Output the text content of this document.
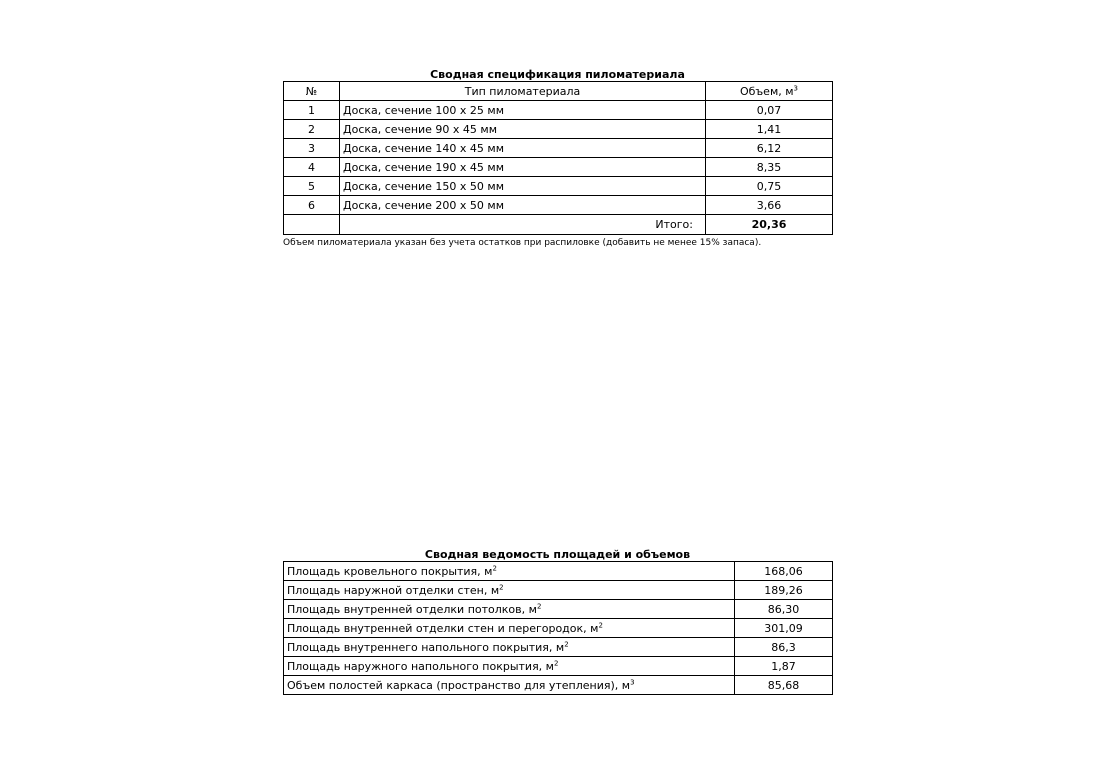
Сводная спецификация пиломатериала
№	Тип пиломатериала	Объем, $м^3$
1	Доска, сечение 100 х 25 мм	0,07
2	Доска, сечение 90 х 45 мм	1,41
3	Доска, сечение 140 х 45 мм	6,12
4	Доска, сечение 190 х 45 мм	8,35
5	Доска, сечение 150 х 50 мм	0,75
6	Доска, сечение 200 х 50 мм	3,66
	Итого:	20,36
Объем пиломатериала указан без учета остатков при распиловке (добавить не менее 15% запаса).
Сводная ведомость площадей и объемов
Площадь кровельного покрытия, $м^2$	168,06
Площадь наружной отделки стен, $м^2$	189,26
Площадь внутренней отделки потолков, $м^2$	86,30
Площадь внутренней отделки стен и перегородок, $м^2$	301,09
Площадь внутреннего напольного покрытия, $м^2$	86,3
Площадь наружного напольного покрытия, $м^2$	1,87
Объем полостей каркаса (пространство для утепления), $м^3$	85,68
